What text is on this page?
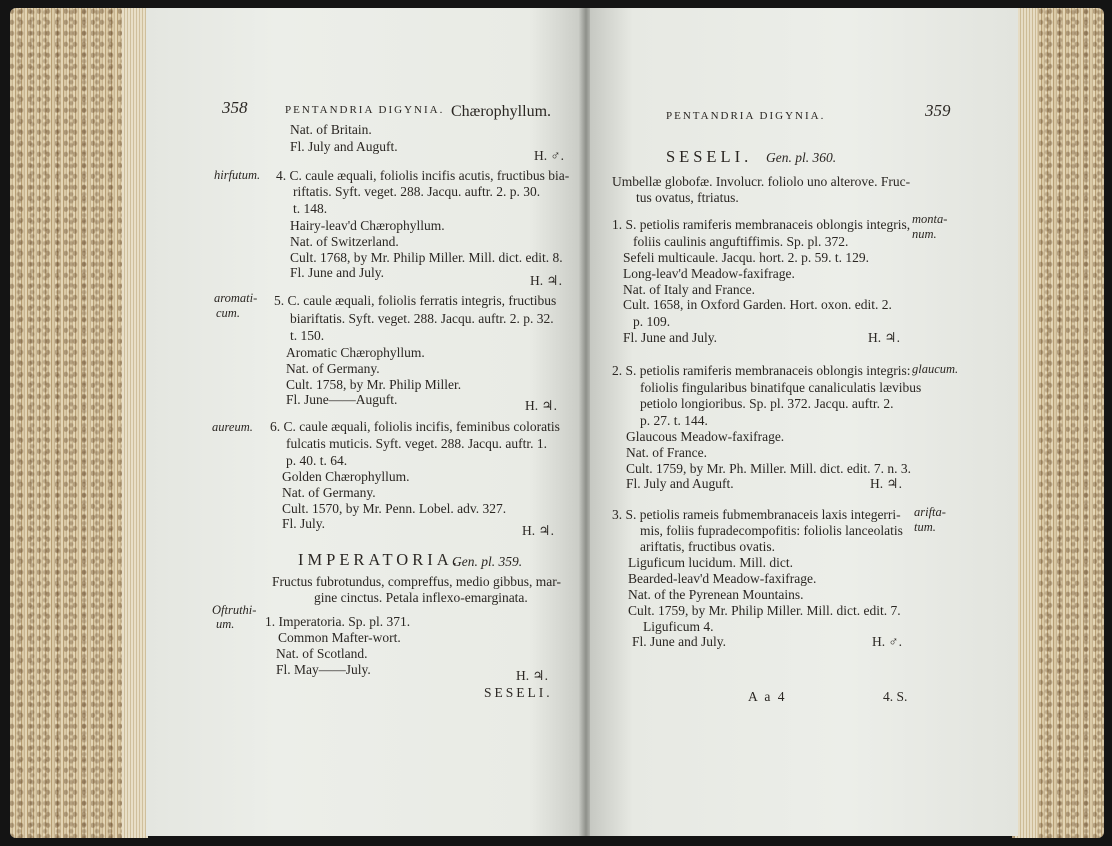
358	PENTANDRIA DIGYNIA. Chærophyllum.
hirfutum.
aromati-
cum.
aureum.
Oftruthi-
um.
Nat. of Britain.
Fl. July and Auguft.
H. ♂.
4. C. caule æquali, foliolis incifis acutis, fructibus bia-
riftatis. Syft. veget. 288. Jacqu. auftr. 2. p. 30.
t. 148.
Hairy-leav'd Chærophyllum.
Nat. of Switzerland.
Cult. 1768, by Mr. Philip Miller. Mill. dict. edit. 8.
Fl. June and July.
H. ♃.
5. C. caule æquali, foliolis ferratis integris, fructibus
biariftatis. Syft. veget. 288. Jacqu. auftr. 2. p. 32.
t. 150.
Aromatic Chærophyllum.
Nat. of Germany.
Cult. 1758, by Mr. Philip Miller.
Fl. June——Auguft.	H. ♃.
6. C. caule æquali, foliolis incifis, feminibus coloratis
fulcatis muticis. Syft. veget. 288. Jacqu. auftr. 1.
p. 40. t. 64.
Golden Chærophyllum.
Nat. of Germany.
Cult. 1570, by Mr. Penn. Lobel. adv. 327.
Fl. July.	H. ♃.
IMPERATORIA.
Gen. pl. 359.
Fructus fubrotundus, compreffus, medio gibbus, mar-
gine cinctus. Petala inflexo-emarginata.
1. Imperatoria. Sp. pl. 371.
Common Mafter-wort.
Nat. of Scotland.
Fl. May——July.	H. ♃.
SESELI.
PENTANDRIA DIGYNIA.	359
SESELI. Gen. pl. 360.
monta-
num.
glaucum.
arifta-
tum.
Umbellæ globofæ. Involucr. foliolo uno alterove. Fruc-
tus ovatus, ftriatus.
1. S. petiolis ramiferis membranaceis oblongis integris,
foliis caulinis anguftiffimis. Sp. pl. 372.
Sefeli multicaule. Jacqu. hort. 2. p. 59. t. 129.
Long-leav'd Meadow-faxifrage.
Nat. of Italy and France.
Cult. 1658, in Oxford Garden. Hort. oxon. edit. 2.
p. 109.
Fl. June and July.	H. ♃.
2. S. petiolis ramiferis membranaceis oblongis integris:
foliolis fingularibus binatifque canaliculatis lævibus
petiolo longioribus. Sp. pl. 372. Jacqu. auftr. 2.
p. 27. t. 144.
Glaucous Meadow-faxifrage.
Nat. of France.
Cult. 1759, by Mr. Ph. Miller. Mill. dict. edit. 7. n. 3.
Fl. July and Auguft.	H. ♃.
3. S. petiolis rameis fubmembranaceis laxis integerri-
mis, foliis fupradecompofitis: foliolis lanceolatis
ariftatis, fructibus ovatis.
Liguficum lucidum. Mill. dict.
Bearded-leav'd Meadow-faxifrage.
Nat. of the Pyrenean Mountains.
Cult. 1759, by Mr. Philip Miller. Mill. dict. edit. 7.
Liguficum 4.
Fl. June and July.	H. ♂.
A a 4	4. S.
